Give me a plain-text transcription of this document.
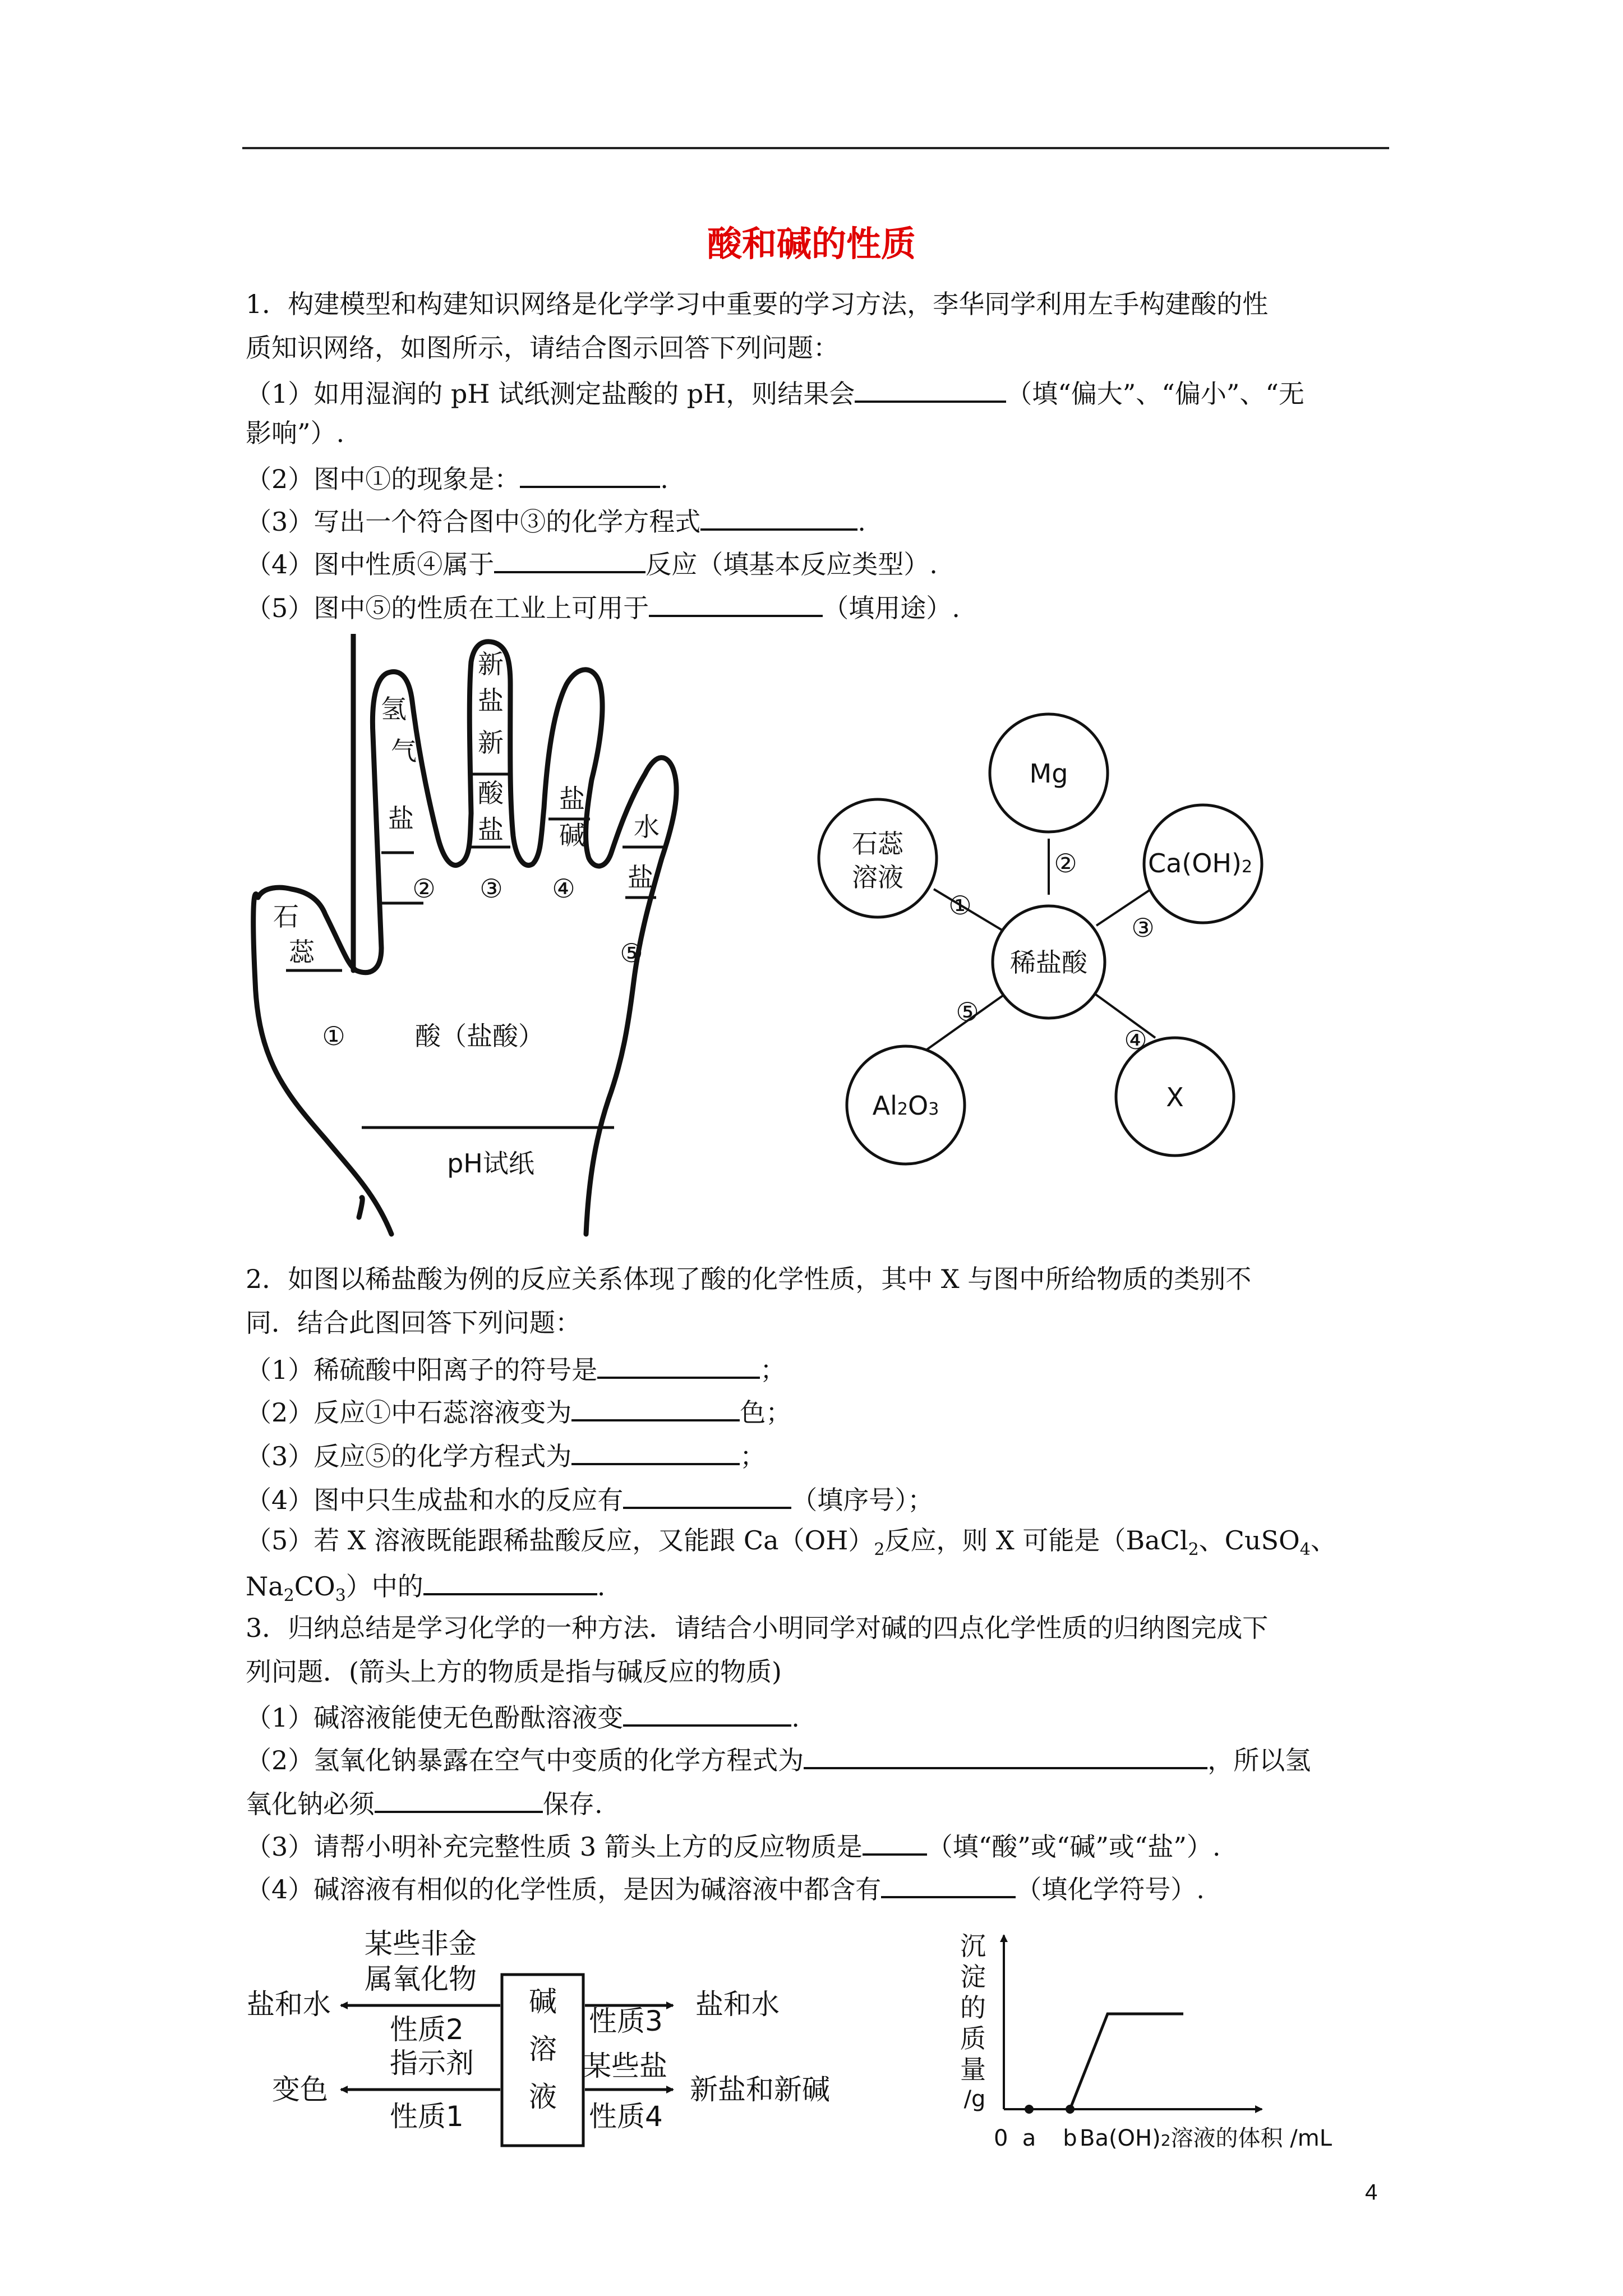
酸和碱的性质
1．构建模型和构建知识网络是化学学习中重要的学习方法，李华同学利用左手构建酸的性
质知识网络，如图所示，请结合图示回答下列问题：
（1）如用湿润的 pH 试纸测定盐酸的 pH，则结果会	（填“偏大”、“偏小”、“无
影响”）.
（2）图中①的现象是：	.
（3）写出一个符合图中③的化学方程式	.
（4）图中性质④属于	反应（填基本反应类型）.
（5）图中⑤的性质在工业上可用于	（填用途）.
石
蕊
氢
气
盐
新
盐
新
酸
盐
盐
碱 水
盐
①
② ③ ④
⑤
酸（盐酸）
pH试纸
Mg
石蕊
溶液	Ca(OH)2
稀盐酸
Al2O3	X
①
②
③
⑤
④
2．如图以稀盐酸为例的反应关系体现了酸的化学性质，其中 X 与图中所给物质的类别不
同．结合此图回答下列问题：
（1）稀硫酸中阳离子的符号是	；
（2）反应①中石蕊溶液变为	色；
（3）反应⑤的化学方程式为	；
（4）图中只生成盐和水的反应有	（填序号）；
（5）若 X 溶液既能跟稀盐酸反应，又能跟 $Ca(OH)_2$反应，则 X 可能是（BaCl$_2$、CuSO$_4$、
$Na_2CO_3$）中的	.
3．归纳总结是学习化学的一种方法．请结合小明同学对碱的四点化学性质的归纳图完成下
列问题．(箭头上方的物质是指与碱反应的物质)
（1）碱溶液能使无色酚酞溶液变	.
（2）氢氧化钠暴露在空气中变质的化学方程式为	，所以氢
氧化钠必须	保存.
（3）请帮小明补充完整性质 3 箭头上方的反应物质是	（填“酸”或“碱”或“盐”）.
（4）碱溶液有相似的化学性质，是因为碱溶液中都含有	（填化学符号）.
某些非金
属氧化物
盐和水
性质2
指示剂
变色
性质1
碱
溶
液
性质3
盐和水
某些盐
新盐和新碱
性质4
沉
淀
的
质
量
/g
0 a b Ba(OH)2溶液的体积 /mL
4
